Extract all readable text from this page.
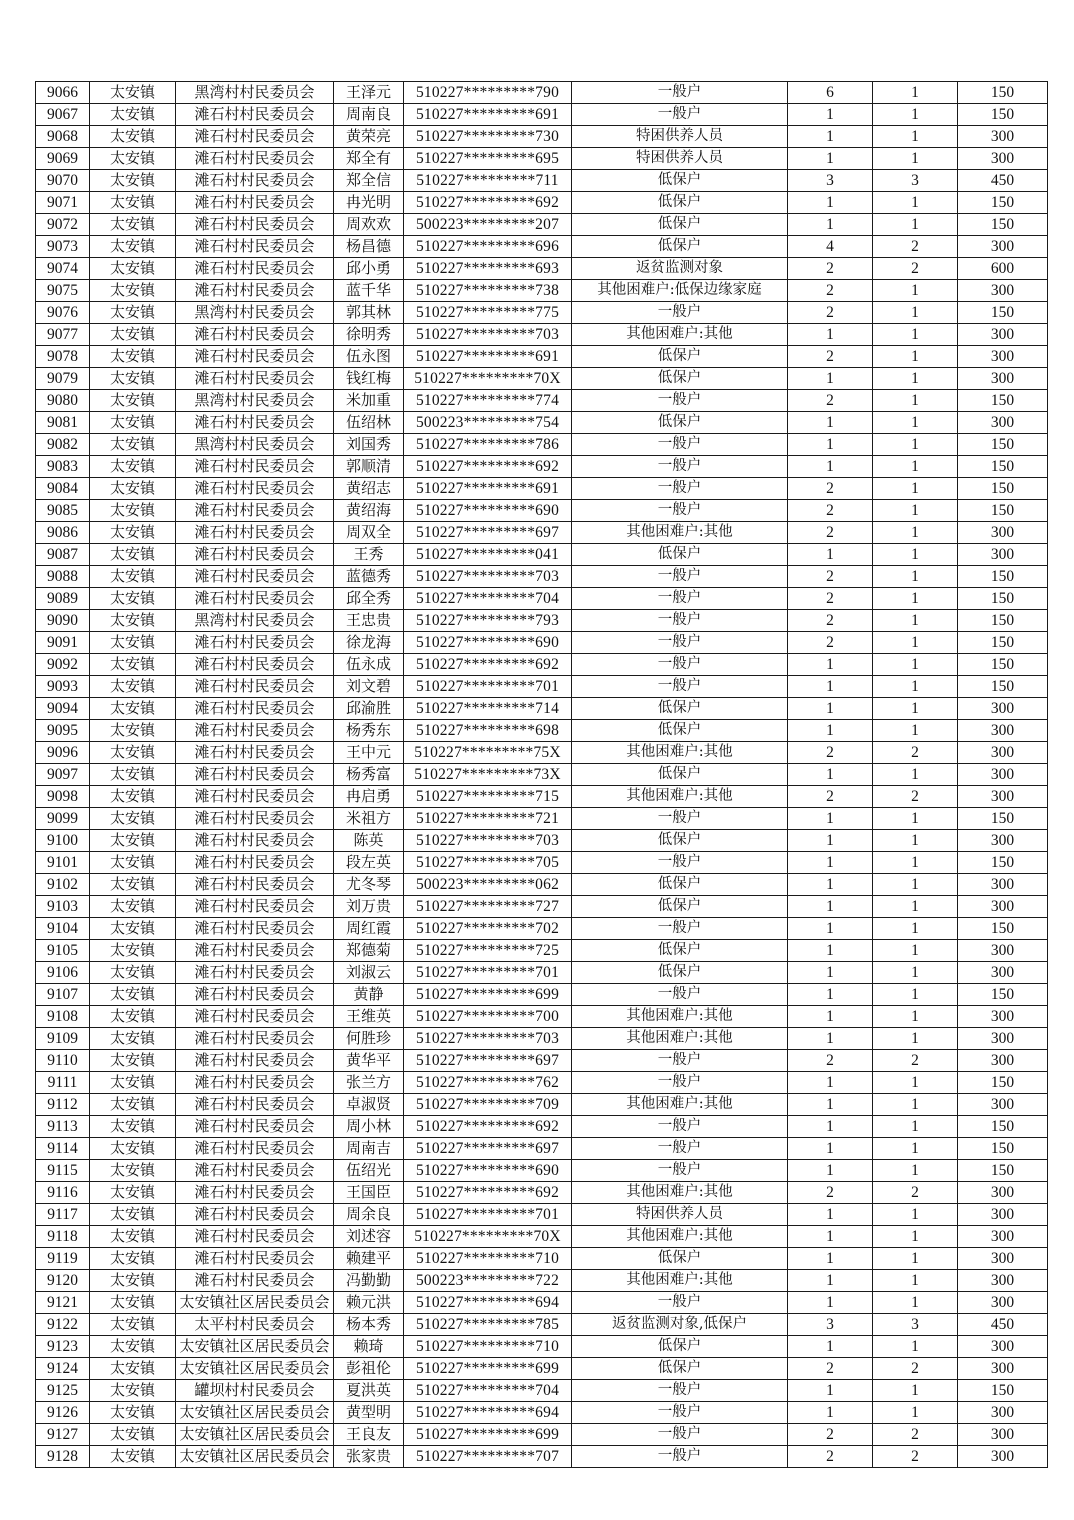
9066	太安镇	黑湾村村民委员会	王泽元	510227*********790	一般户	6	1	150
9067	太安镇	滩石村村民委员会	周南良	510227*********691	一般户	1	1	150
9068	太安镇	滩石村村民委员会	黄荣亮	510227*********730	特困供养人员	1	1	300
9069	太安镇	滩石村村民委员会	郑全有	510227*********695	特困供养人员	1	1	300
9070	太安镇	滩石村村民委员会	郑全信	510227*********711	低保户	3	3	450
9071	太安镇	滩石村村民委员会	冉光明	510227*********692	低保户	1	1	150
9072	太安镇	滩石村村民委员会	周欢欢	500223*********207	低保户	1	1	150
9073	太安镇	滩石村村民委员会	杨昌德	510227*********696	低保户	4	2	300
9074	太安镇	滩石村村民委员会	邱小勇	510227*********693	返贫监测对象	2	2	600
9075	太安镇	滩石村村民委员会	蓝千华	510227*********738	其他困难户:低保边缘家庭	2	1	300
9076	太安镇	黑湾村村民委员会	郭其林	510227*********775	一般户	2	1	150
9077	太安镇	滩石村村民委员会	徐明秀	510227*********703	其他困难户:其他	1	1	300
9078	太安镇	滩石村村民委员会	伍永图	510227*********691	低保户	2	1	300
9079	太安镇	滩石村村民委员会	钱红梅	510227*********70X	低保户	1	1	300
9080	太安镇	黑湾村村民委员会	米加重	510227*********774	一般户	2	1	150
9081	太安镇	滩石村村民委员会	伍绍林	500223*********754	低保户	1	1	300
9082	太安镇	黑湾村村民委员会	刘国秀	510227*********786	一般户	1	1	150
9083	太安镇	滩石村村民委员会	郭顺清	510227*********692	一般户	1	1	150
9084	太安镇	滩石村村民委员会	黄绍志	510227*********691	一般户	2	1	150
9085	太安镇	滩石村村民委员会	黄绍海	510227*********690	一般户	2	1	150
9086	太安镇	滩石村村民委员会	周双全	510227*********697	其他困难户:其他	2	1	300
9087	太安镇	滩石村村民委员会	王秀	510227*********041	低保户	1	1	300
9088	太安镇	滩石村村民委员会	蓝德秀	510227*********703	一般户	2	1	150
9089	太安镇	滩石村村民委员会	邱全秀	510227*********704	一般户	2	1	150
9090	太安镇	黑湾村村民委员会	王忠贵	510227*********793	一般户	2	1	150
9091	太安镇	滩石村村民委员会	徐龙海	510227*********690	一般户	2	1	150
9092	太安镇	滩石村村民委员会	伍永成	510227*********692	一般户	1	1	150
9093	太安镇	滩石村村民委员会	刘文碧	510227*********701	一般户	1	1	150
9094	太安镇	滩石村村民委员会	邱渝胜	510227*********714	低保户	1	1	300
9095	太安镇	滩石村村民委员会	杨秀东	510227*********698	低保户	1	1	300
9096	太安镇	滩石村村民委员会	王中元	510227*********75X	其他困难户:其他	2	2	300
9097	太安镇	滩石村村民委员会	杨秀富	510227*********73X	低保户	1	1	300
9098	太安镇	滩石村村民委员会	冉启勇	510227*********715	其他困难户:其他	2	2	300
9099	太安镇	滩石村村民委员会	米祖方	510227*********721	一般户	1	1	150
9100	太安镇	滩石村村民委员会	陈英	510227*********703	低保户	1	1	300
9101	太安镇	滩石村村民委员会	段左英	510227*********705	一般户	1	1	150
9102	太安镇	滩石村村民委员会	尤冬琴	500223*********062	低保户	1	1	300
9103	太安镇	滩石村村民委员会	刘万贵	510227*********727	低保户	1	1	300
9104	太安镇	滩石村村民委员会	周红霞	510227*********702	一般户	1	1	150
9105	太安镇	滩石村村民委员会	郑德菊	510227*********725	低保户	1	1	300
9106	太安镇	滩石村村民委员会	刘淑云	510227*********701	低保户	1	1	300
9107	太安镇	滩石村村民委员会	黄静	510227*********699	一般户	1	1	150
9108	太安镇	滩石村村民委员会	王维英	510227*********700	其他困难户:其他	1	1	300
9109	太安镇	滩石村村民委员会	何胜珍	510227*********703	其他困难户:其他	1	1	300
9110	太安镇	滩石村村民委员会	黄华平	510227*********697	一般户	2	2	300
9111	太安镇	滩石村村民委员会	张兰方	510227*********762	一般户	1	1	150
9112	太安镇	滩石村村民委员会	卓淑贤	510227*********709	其他困难户:其他	1	1	300
9113	太安镇	滩石村村民委员会	周小林	510227*********692	一般户	1	1	150
9114	太安镇	滩石村村民委员会	周南吉	510227*********697	一般户	1	1	150
9115	太安镇	滩石村村民委员会	伍绍光	510227*********690	一般户	1	1	150
9116	太安镇	滩石村村民委员会	王国臣	510227*********692	其他困难户:其他	2	2	300
9117	太安镇	滩石村村民委员会	周余良	510227*********701	特困供养人员	1	1	300
9118	太安镇	滩石村村民委员会	刘述容	510227*********70X	其他困难户:其他	1	1	300
9119	太安镇	滩石村村民委员会	赖建平	510227*********710	低保户	1	1	300
9120	太安镇	滩石村村民委员会	冯勤勤	500223*********722	其他困难户:其他	1	1	300
9121	太安镇	太安镇社区居民委员会	赖元洪	510227*********694	一般户	1	1	300
9122	太安镇	太平村村民委员会	杨本秀	510227*********785	返贫监测对象,低保户	3	3	450
9123	太安镇	太安镇社区居民委员会	赖琦	510227*********710	低保户	1	1	300
9124	太安镇	太安镇社区居民委员会	彭祖伦	510227*********699	低保户	2	2	300
9125	太安镇	罐坝村村民委员会	夏洪英	510227*********704	一般户	1	1	150
9126	太安镇	太安镇社区居民委员会	黄型明	510227*********694	一般户	1	1	300
9127	太安镇	太安镇社区居民委员会	王良友	510227*********699	一般户	2	2	300
9128	太安镇	太安镇社区居民委员会	张家贵	510227*********707	一般户	2	2	300
